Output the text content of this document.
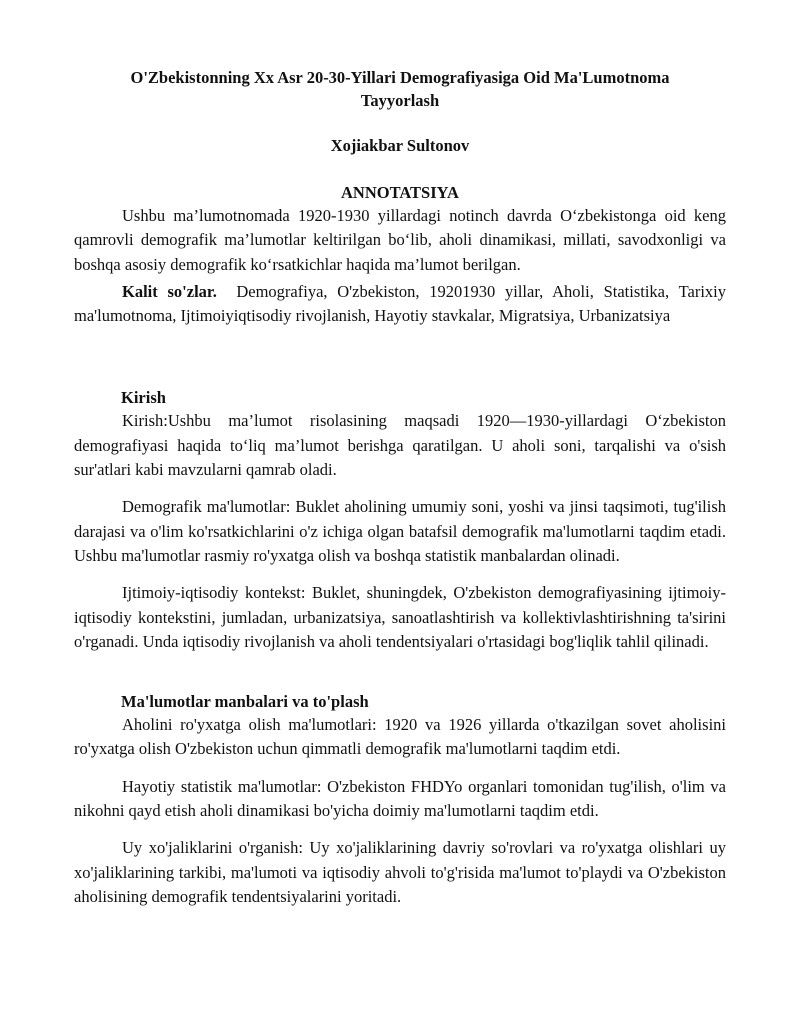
O'Zbekistonning Xx Asr 20-30-Yillari Demografiyasiga Oid Ma'Lumotnoma
Tayyorlash
Xojiakbar Sultonov
ANNOTATSIYA

Ushbu ma’lumotnomada 1920-1930 yillardagi notinch davrda O‘zbekistonga oid keng qamrovli demografik ma’lumotlar keltirilgan bo‘lib, aholi dinamikasi, millati, savodxonligi va boshqa asosiy demografik ko‘rsatkichlar haqida ma’lumot berilgan.

Kalit so'zlar. Demografiya, O'zbekiston, 19201930 yillar, Aholi, Statistika, Tarixiy ma'lumotnoma, Ijtimoiyiqtisodiy rivojlanish, Hayotiy stavkalar, Migratsiya, Urbanizatsiya

Kirish

Kirish:Ushbu ma’lumot risolasining maqsadi 1920—1930-yillardagi O‘zbekiston demografiyasi haqida to‘liq ma’lumot berishga qaratilgan. U aholi soni, tarqalishi va o'sish sur'atlari kabi mavzularni qamrab oladi.

Demografik ma'lumotlar: Buklet aholining umumiy soni, yoshi va jinsi taqsimoti, tug'ilish darajasi va o'lim ko'rsatkichlarini o'z ichiga olgan batafsil demografik ma'lumotlarni taqdim etadi. Ushbu ma'lumotlar rasmiy ro'yxatga olish va boshqa statistik manbalardan olinadi.

Ijtimoiy-iqtisodiy kontekst: Buklet, shuningdek, O'zbekiston demografiyasining ijtimoiy-iqtisodiy kontekstini, jumladan, urbanizatsiya, sanoatlashtirish va kollektivlashtirishning ta'sirini o'rganadi. Unda iqtisodiy rivojlanish va aholi tendentsiyalari o'rtasidagi bog'liqlik tahlil qilinadi.

Ma'lumotlar manbalari va to'plash

Aholini ro'yxatga olish ma'lumotlari: 1920 va 1926 yillarda o'tkazilgan sovet aholisini ro'yxatga olish O'zbekiston uchun qimmatli demografik ma'lumotlarni taqdim etdi.

Hayotiy statistik ma'lumotlar: O'zbekiston FHDYo organlari tomonidan tug'ilish, o'lim va nikohni qayd etish aholi dinamikasi bo'yicha doimiy ma'lumotlarni taqdim etdi.

Uy xo'jaliklarini o'rganish: Uy xo'jaliklarining davriy so'rovlari va ro'yxatga olishlari uy xo'jaliklarining tarkibi, ma'lumoti va iqtisodiy ahvoli to'g'risida ma'lumot to'playdi va O'zbekiston aholisining demografik tendentsiyalarini yoritadi.
